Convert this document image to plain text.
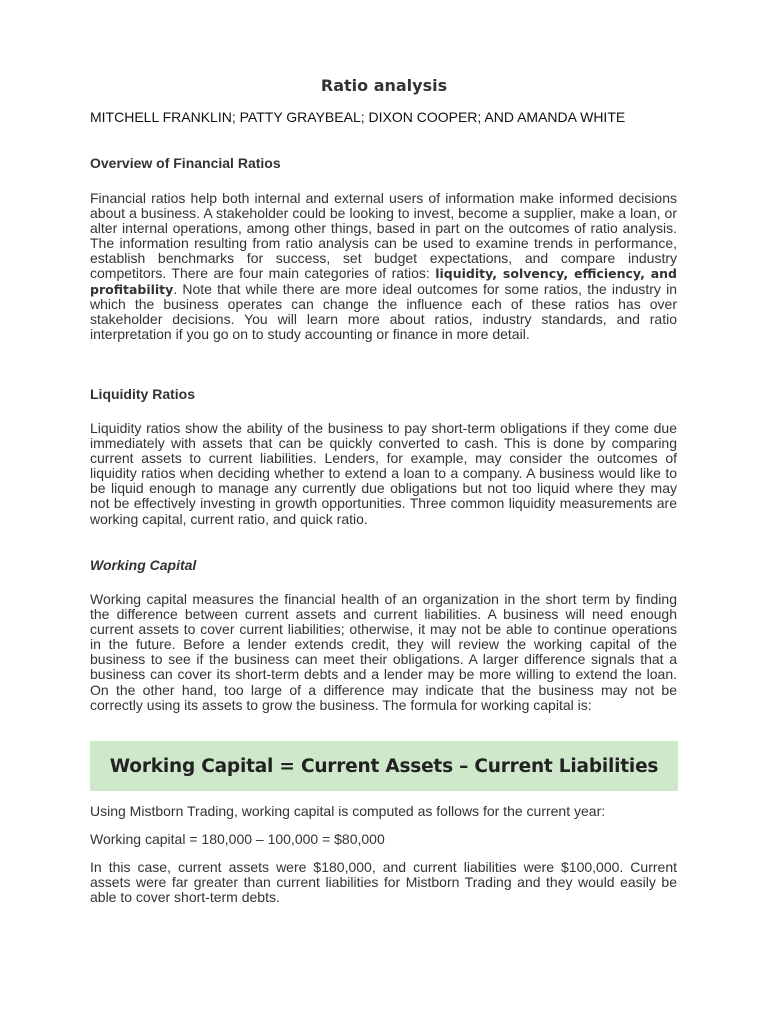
Ratio analysis

MITCHELL FRANKLIN; PATTY GRAYBEAL; DIXON COOPER; AND AMANDA WHITE

Overview of Financial Ratios

Financial ratios help both internal and external users of information make informed decisions about a business. A stakeholder could be looking to invest, become a supplier, make a loan, or alter internal operations, among other things, based in part on the outcomes of ratio analysis. The information resulting from ratio analysis can be used to examine trends in performance, establish benchmarks for success, set budget expectations, and compare industry competitors. There are four main categories of ratios: liquidity, solvency, efficiency, and profitability. Note that while there are more ideal outcomes for some ratios, the industry in which the business operates can change the influence each of these ratios has over stakeholder decisions. You will learn more about ratios, industry standards, and ratio interpretation if you go on to study accounting or finance in more detail.

Liquidity Ratios

Liquidity ratios show the ability of the business to pay short-term obligations if they come due immediately with assets that can be quickly converted to cash. This is done by comparing current assets to current liabilities. Lenders, for example, may consider the outcomes of liquidity ratios when deciding whether to extend a loan to a company. A business would like to be liquid enough to manage any currently due obligations but not too liquid where they may not be effectively investing in growth opportunities. Three common liquidity measurements are working capital, current ratio, and quick ratio.

Working Capital

Working capital measures the financial health of an organization in the short term by finding the difference between current assets and current liabilities. A business will need enough current assets to cover current liabilities; otherwise, it may not be able to continue operations in the future. Before a lender extends credit, they will review the working capital of the business to see if the business can meet their obligations. A larger difference signals that a business can cover its short-term debts and a lender may be more willing to extend the loan. On the other hand, too large of a difference may indicate that the business may not be correctly using its assets to grow the business. The formula for working capital is:

Working Capital = Current Assets – Current Liabilities

Using Mistborn Trading, working capital is computed as follows for the current year:

Working capital = 180,000 – 100,000 = $80,000

In this case, current assets were $180,000, and current liabilities were $100,000. Current assets were far greater than current liabilities for Mistborn Trading and they would easily be able to cover short-term debts.
